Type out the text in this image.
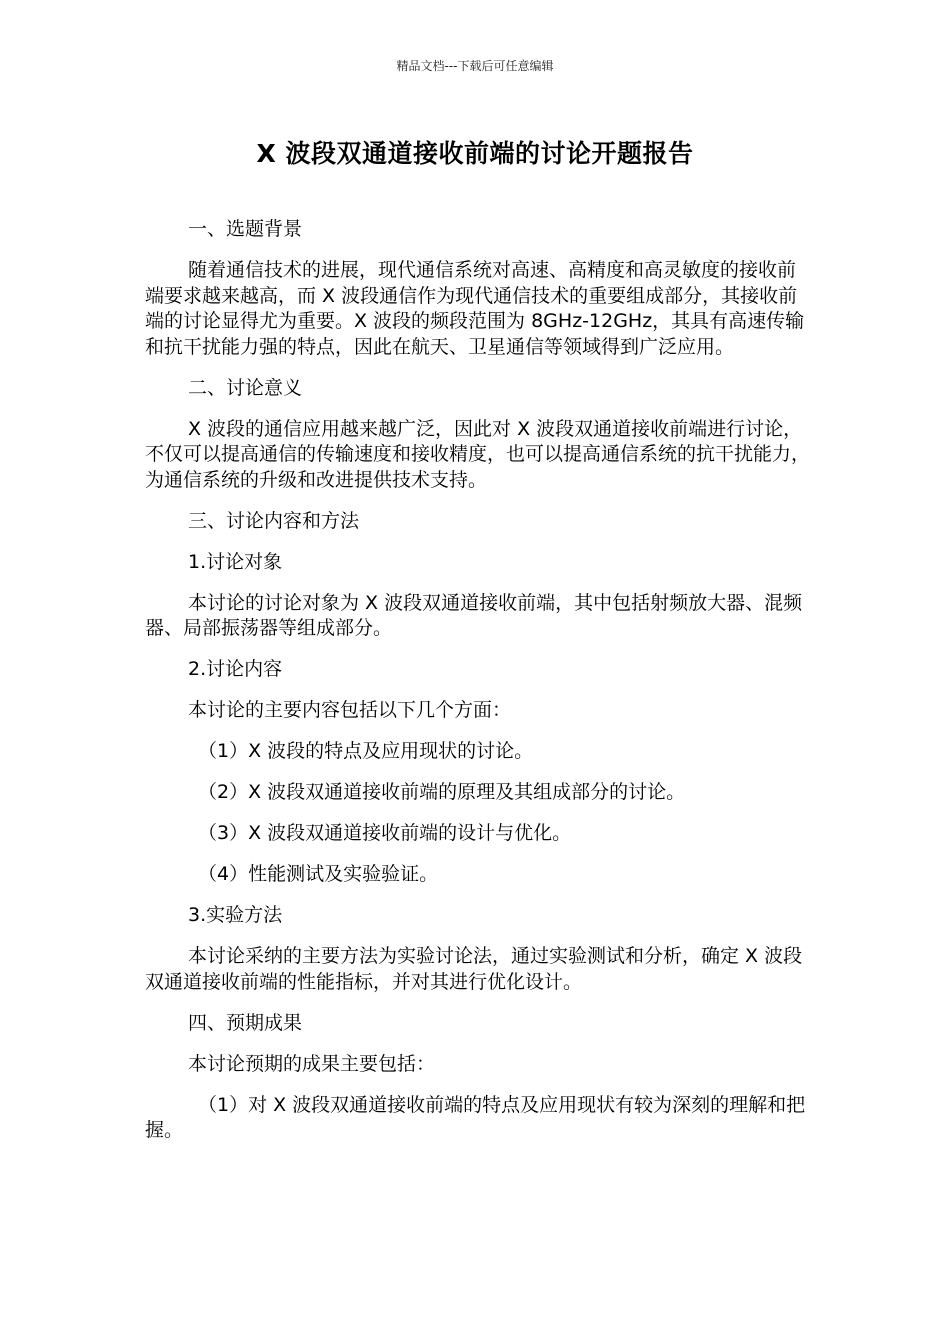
精品文档---下载后可任意编辑
X 波段双通道接收前端的讨论开题报告

一、选题背景

随着通信技术的进展，现代通信系统对高速、高精度和高灵敏度的接收前端要求越来越高，而 X 波段通信作为现代通信技术的重要组成部分，其接收前端的讨论显得尤为重要。X 波段的频段范围为 8GHz-12GHz，其具有高速传输和抗干扰能力强的特点，因此在航天、卫星通信等领域得到广泛应用。

二、讨论意义

X 波段的通信应用越来越广泛，因此对 X 波段双通道接收前端进行讨论，不仅可以提高通信的传输速度和接收精度，也可以提高通信系统的抗干扰能力，为通信系统的升级和改进提供技术支持。

三、讨论内容和方法

1.讨论对象

本讨论的讨论对象为 X 波段双通道接收前端，其中包括射频放大器、混频器、局部振荡器等组成部分。

2.讨论内容

本讨论的主要内容包括以下几个方面：

（1）X 波段的特点及应用现状的讨论。

（2）X 波段双通道接收前端的原理及其组成部分的讨论。

（3）X 波段双通道接收前端的设计与优化。

（4）性能测试及实验验证。

3.实验方法

本讨论采纳的主要方法为实验讨论法，通过实验测试和分析，确定 X 波段双通道接收前端的性能指标，并对其进行优化设计。

四、预期成果

本讨论预期的成果主要包括：

（1）对 X 波段双通道接收前端的特点及应用现状有较为深刻的理解和把握。
